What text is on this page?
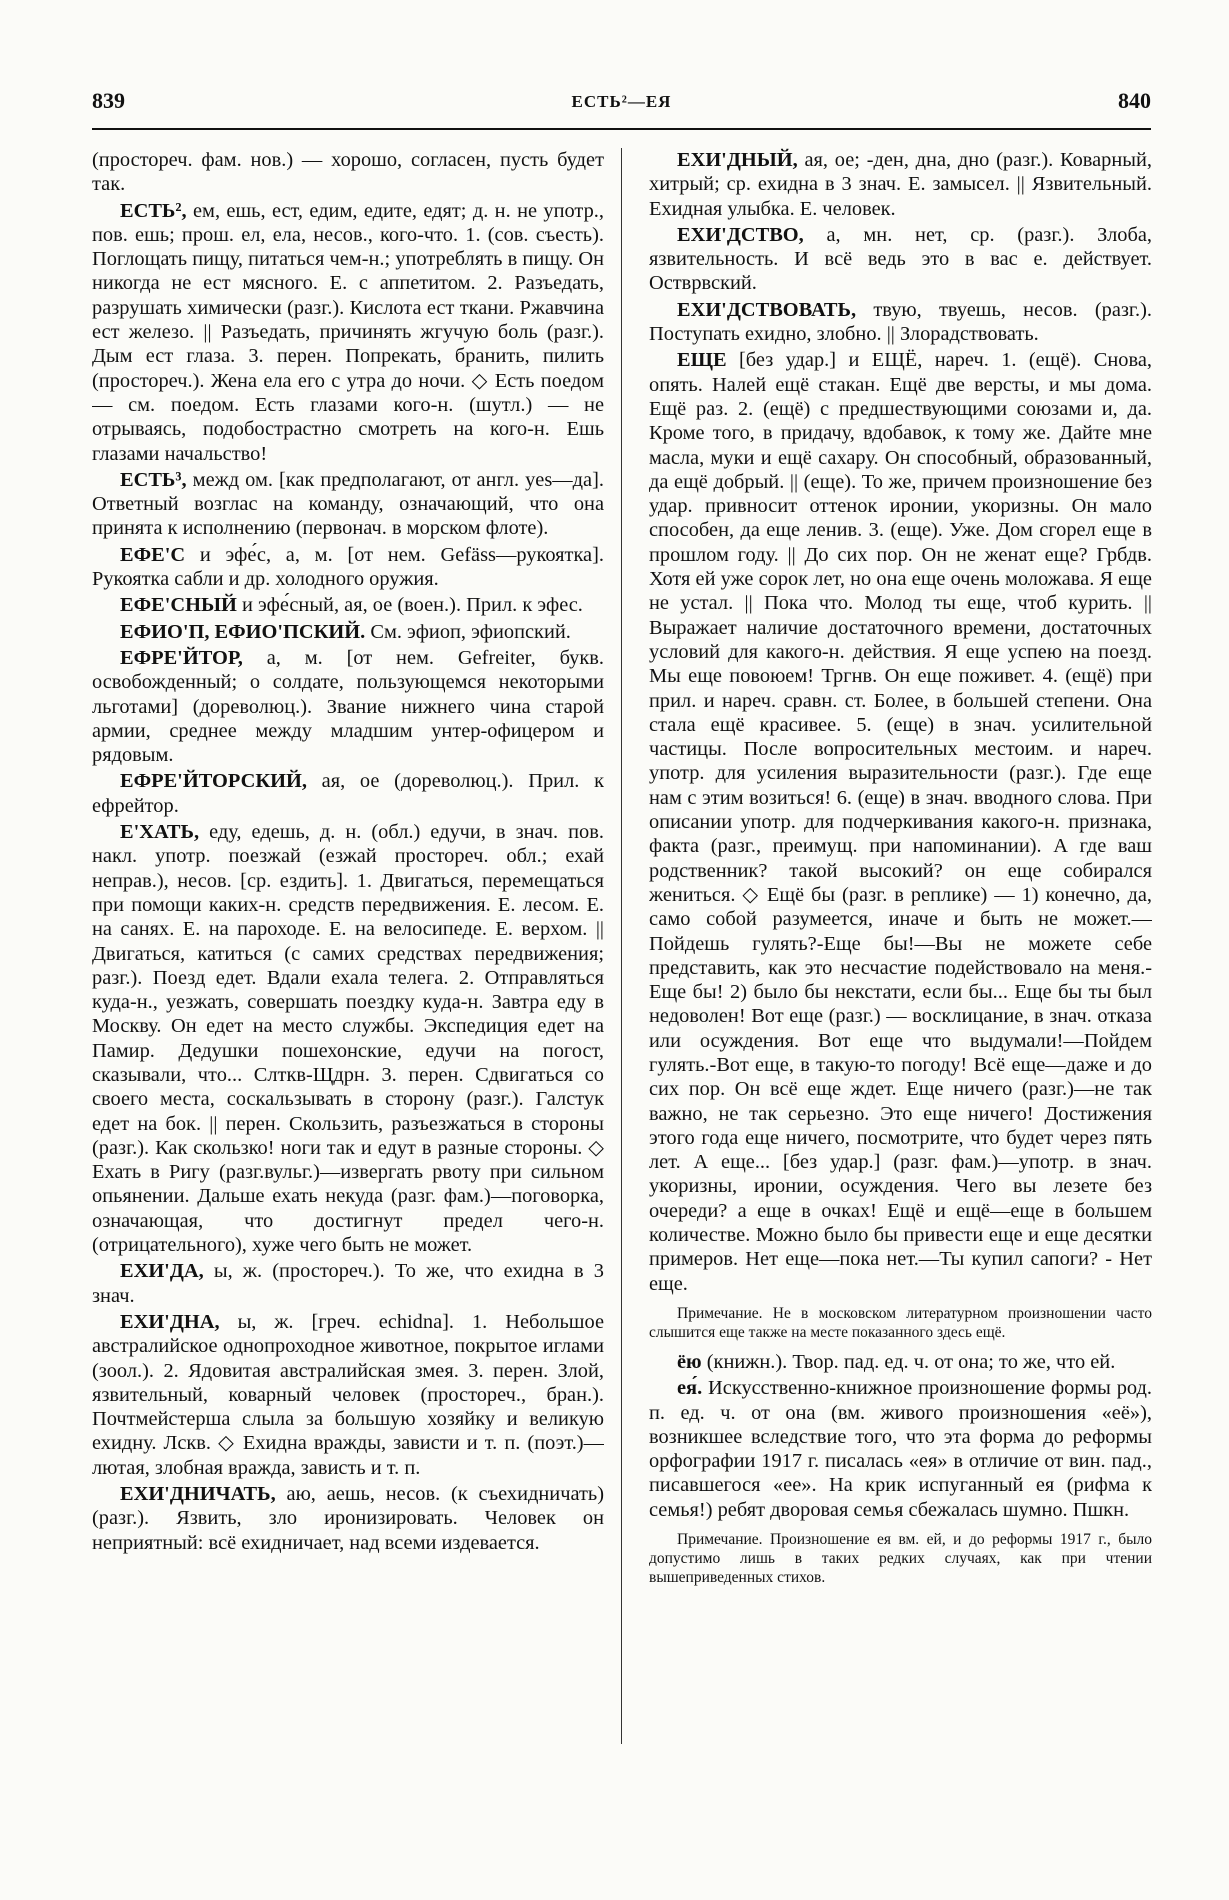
839	ЕСТЬ²—ЕЯ	840

(простореч. фам. нов.) — хорошо, согласен, пусть будет так.

ЕСТЬ², ем, ешь, ест, едим, едите, едят; д. н. не употр., пов. ешь; прош. ел, ела, несов., кого-что. 1. (сов. съесть). Поглощать пищу, питаться чем-н.; употреблять в пищу. Он никогда не ест мясного. Е. с аппетитом. 2. Разъедать, разрушать химически (разг.). Кислота ест ткани. Ржавчина ест железо. || Разъедать, причинять жгучую боль (разг.). Дым ест глаза. 3. перен. Попрекать, бранить, пилить (простореч.). Жена ела его с утра до ночи. ◇ Есть поедом — см. поедом. Есть глазами кого-н. (шутл.) — не отрываясь, подобострастно смотреть на кого-н. Ешь глазами начальство!

ЕСТЬ³, межд ом. [как предполагают, от англ. yes—да]. Ответный возглас на команду, означающий, что она принята к исполнению (первонач. в морском флоте).

ЕФЕ'С и эфе́с, а, м. [от нем. Gefäss—рукоятка]. Рукоятка сабли и др. холодного оружия.

ЕФЕ'СНЫЙ и эфе́сный, ая, ое (воен.). Прил. к эфес.

ЕФИО'П, ЕФИО'ПСКИЙ. См. эфиоп, эфиопский.

ЕФРЕ'ЙТОР, а, м. [от нем. Gefreiter, букв. освобожденный; о солдате, пользующемся некоторыми льготами] (дореволюц.). Звание нижнего чина старой армии, среднее между младшим унтер-офицером и рядовым.

ЕФРЕ'ЙТОРСКИЙ, ая, ое (дореволюц.). Прил. к ефрейтор.

Е'ХАТЬ, еду, едешь, д. н. (обл.) едучи, в знач. пов. накл. употр. поезжай (езжай простореч. обл.; ехай неправ.), несов. [ср. ездить]. 1. Двигаться, перемещаться при помощи каких-н. средств передвижения. Е. лесом. Е. на санях. Е. на пароходе. Е. на велосипеде. Е. верхом. || Двигаться, катиться (с самих средствах передвижения; разг.). Поезд едет. Вдали ехала телега. 2. Отправляться куда-н., уезжать, совершать поездку куда-н. Завтра еду в Москву. Он едет на место службы. Экспедиция едет на Памир. Дедушки пошехонские, едучи на погост, сказывали, что... Слткв-Щдрн. 3. перен. Сдвигаться со своего места, соскальзывать в сторону (разг.). Галстук едет на бок. || перен. Скользить, разъезжаться в стороны (разг.). Как скользко! ноги так и едут в разные стороны. ◇ Ехать в Ригу (разг.вульг.)—извергать рвоту при сильном опьянении. Дальше ехать некуда (разг. фам.)—поговорка, означающая, что достигнут предел чего-н.(отрицательного), хуже чего быть не может.

ЕХИ'ДА, ы, ж. (простореч.). То же, что ехидна в 3 знач.

ЕХИ'ДНА, ы, ж. [греч. echidna]. 1. Небольшое австралийское однопроходное животное, покрытое иглами (зоол.). 2. Ядовитая австралийская змея. 3. перен. Злой, язвительный, коварный человек (простореч., бран.). Почтмейстерша слыла за большую хозяйку и великую ехидну. Лскв. ◇ Ехидна вражды, зависти и т. п. (поэт.)—лютая, злобная вражда, зависть и т. п.

ЕХИ'ДНИЧАТЬ, аю, аешь, несов. (к съехидничать) (разг.). Язвить, зло иронизировать. Человек он неприятный: всё ехидничает, над всеми издевается.

ЕХИ'ДНЫЙ, ая, ое; -ден, дна, дно (разг.). Коварный, хитрый; ср. ехидна в 3 знач. Е. замысел. || Язвительный. Ехидная улыбка. Е. человек.

ЕХИ'ДСТВО, а, мн. нет, ср. (разг.). Злоба, язвительность. И всё ведь это в вас е. действует. Остврвский.

ЕХИ'ДСТВОВАТЬ, твую, твуешь, несов. (разг.). Поступать ехидно, злобно. || Злорадствовать.

ЕЩЕ [без удар.] и ЕЩЁ, нареч. 1. (ещё). Снова, опять. Налей ещё стакан. Ещё две версты, и мы дома. Ещё раз. 2. (ещё) с предшествующими союзами и, да. Кроме того, в придачу, вдобавок, к тому же. Дайте мне масла, муки и ещё сахару. Он способный, образованный, да ещё добрый. || (еще). То же, причем произношение без удар. привносит оттенок иронии, укоризны. Он мало способен, да еще ленив. 3. (еще). Уже. Дом сгорел еще в прошлом году. || До сих пор. Он не женат еще? Грбдв. Хотя ей уже сорок лет, но она еще очень моложава. Я еще не устал. || Пока что. Молод ты еще, чтоб курить. || Выражает наличие достаточного времени, достаточных условий для какого-н. действия. Я еще успею на поезд. Мы еще повоюем! Тргнв. Он еще поживет. 4. (ещё) при прил. и нареч. сравн. ст. Более, в большей степени. Она стала ещё красивее. 5. (еще) в знач. усилительной частицы. После вопросительных местоим. и нареч. употр. для усиления выразительности (разг.). Где еще нам с этим возиться! 6. (еще) в знач. вводного слова. При описании употр. для подчеркивания какого-н. признака, факта (разг., преимущ. при напоминании). А где ваш родственник? такой высокий? он еще собирался жениться. ◇ Ещё бы (разг. в реплике) — 1) конечно, да, само собой разумеется, иначе и быть не может.—Пойдешь гулять?-Еще бы!—Вы не можете себе представить, как это несчастие подействовало на меня.-Еще бы! 2) было бы некстати, если бы... Еще бы ты был недоволен! Вот еще (разг.) — восклицание, в знач. отказа или осуждения. Вот еще что выдумали!—Пойдем гулять.-Вот еще, в такую-то погоду! Всё еще—даже и до сих пор. Он всё еще ждет. Еще ничего (разг.)—не так важно, не так серьезно. Это еще ничего! Достижения этого года еще ничего, посмотрите, что будет через пять лет. А еще... [без удар.] (разг. фам.)—употр. в знач. укоризны, иронии, осуждения. Чего вы лезете без очереди? а еще в очках! Ещё и ещё—еще в большем количестве. Можно было бы привести еще и еще десятки примеров. Нет еще—пока нет.—Ты купил сапоги? - Нет еще.

Примечание. Не в московском литературном произношении часто слышится еще также на месте показанного здесь ещё.

ёю (книжн.). Твор. пад. ед. ч. от она; то же, что ей.

ея́. Искусственно-книжное произношение формы род. п. ед. ч. от она (вм. живого произношения «её»), возникшее вследствие того, что эта форма до реформы орфографии 1917 г. писалась «ея» в отличие от вин. пад., писавшегося «ее». На крик испуганный ея (рифма к семья!) ребят дворовая семья сбежалась шумно. Пшкн.

Примечание. Произношение ея вм. ей, и до реформы 1917 г., было допустимо лишь в таких редких случаях, как при чтении вышеприведенных стихов.
